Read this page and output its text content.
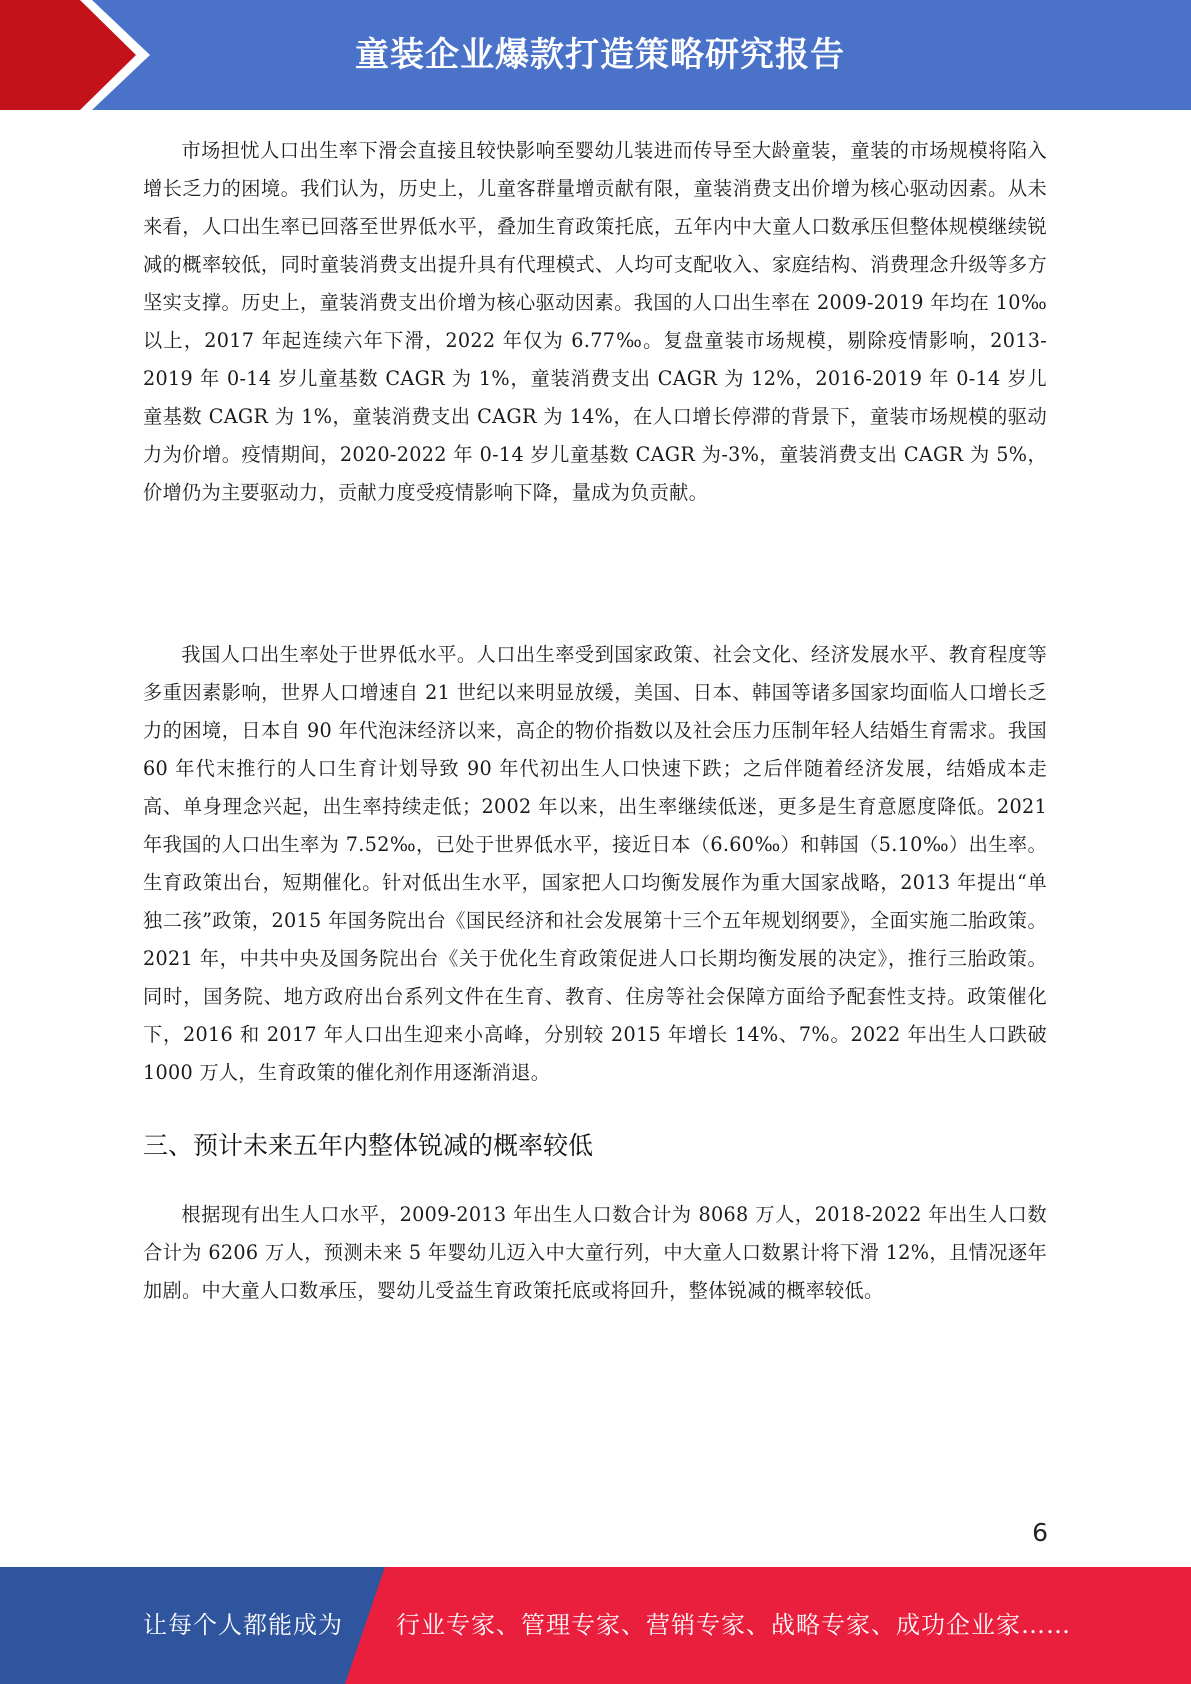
童装企业爆款打造策略研究报告

市场担忧人口出生率下滑会直接且较快影响至婴幼儿装进而传导至大龄童装，童装的市场规模将陷入增长乏力的困境。我们认为，历史上，儿童客群量增贡献有限，童装消费支出价增为核心驱动因素。从未来看，人口出生率已回落至世界低水平，叠加生育政策托底，五年内中大童人口数承压但整体规模继续锐减的概率较低，同时童装消费支出提升具有代理模式、人均可支配收入、家庭结构、消费理念升级等多方坚实支撑。历史上，童装消费支出价增为核心驱动因素。我国的人口出生率在 2009-2019 年均在 10‰以上，2017 年起连续六年下滑，2022 年仅为 6.77‰。复盘童装市场规模，剔除疫情影响，2013-2019 年 0-14 岁儿童基数 CAGR 为 1%，童装消费支出 CAGR 为 12%，2016-2019 年 0-14 岁儿童基数 CAGR 为 1%，童装消费支出 CAGR 为 14%，在人口增长停滞的背景下，童装市场规模的驱动力为价增。疫情期间，2020-2022 年 0-14 岁儿童基数 CAGR 为-3%，童装消费支出 CAGR 为 5%，价增仍为主要驱动力，贡献力度受疫情影响下降，量成为负贡献。

我国人口出生率处于世界低水平。人口出生率受到国家政策、社会文化、经济发展水平、教育程度等多重因素影响，世界人口增速自 21 世纪以来明显放缓，美国、日本、韩国等诸多国家均面临人口增长乏力的困境，日本自 90 年代泡沫经济以来，高企的物价指数以及社会压力压制年轻人结婚生育需求。我国 60 年代末推行的人口生育计划导致 90 年代初出生人口快速下跌；之后伴随着经济发展，结婚成本走高、单身理念兴起，出生率持续走低；2002 年以来，出生率继续低迷，更多是生育意愿度降低。2021 年我国的人口出生率为 7.52‰，已处于世界低水平，接近日本（6.60‰）和韩国（5.10‰）出生率。生育政策出台，短期催化。针对低出生水平，国家把人口均衡发展作为重大国家战略，2013 年提出“单独二孩”政策，2015 年国务院出台《国民经济和社会发展第十三个五年规划纲要》，全面实施二胎政策。2021 年，中共中央及国务院出台《关于优化生育政策促进人口长期均衡发展的决定》，推行三胎政策。同时，国务院、地方政府出台系列文件在生育、教育、住房等社会保障方面给予配套性支持。政策催化下，2016 和 2017 年人口出生迎来小高峰，分别较 2015 年增长 14%、7%。2022 年出生人口跌破 1000 万人，生育政策的催化剂作用逐渐消退。

三、预计未来五年内整体锐减的概率较低

根据现有出生人口水平，2009-2013 年出生人口数合计为 8068 万人，2018-2022 年出生人口数合计为 6206 万人，预测未来 5 年婴幼儿迈入中大童行列，中大童人口数累计将下滑 12%，且情况逐年加剧。中大童人口数承压，婴幼儿受益生育政策托底或将回升，整体锐减的概率较低。

6
让每个人都能成为 行业专家、管理专家、营销专家、战略专家、成功企业家……
